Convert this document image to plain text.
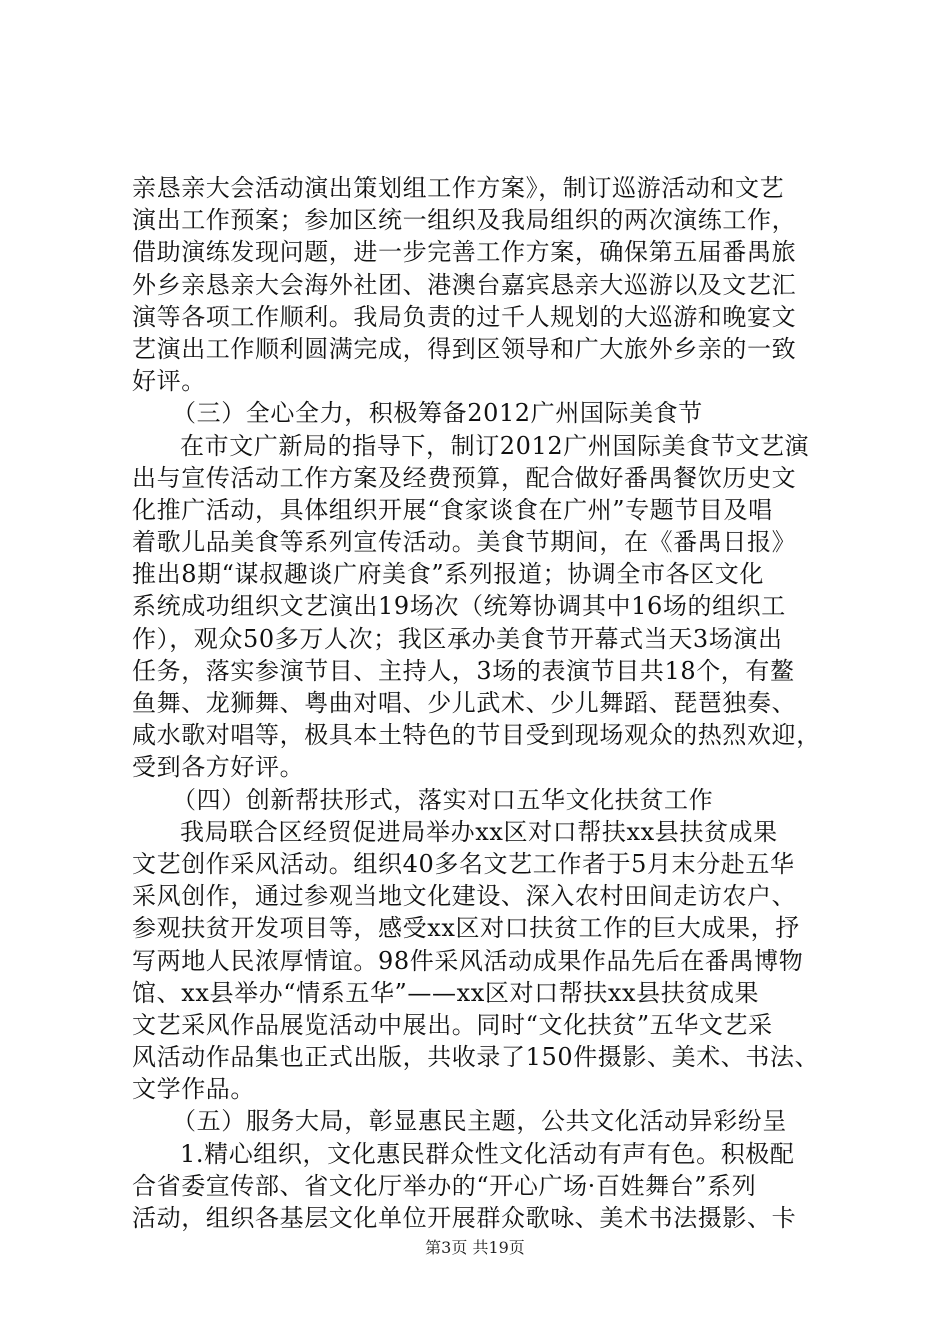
亲恳亲大会活动演出策划组工作方案》，制订巡游活动和文艺
演出工作预案；参加区统一组织及我局组织的两次演练工作，
借助演练发现问题，进一步完善工作方案，确保第五届番禺旅
外乡亲恳亲大会海外社团、港澳台嘉宾恳亲大巡游以及文艺汇
演等各项工作顺利。我局负责的过千人规划的大巡游和晚宴文
艺演出工作顺利圆满完成，得到区领导和广大旅外乡亲的一致
好评。
（三）全心全力，积极筹备2012广州国际美食节
在市文广新局的指导下，制订2012广州国际美食节文艺演
出与宣传活动工作方案及经费预算，配合做好番禺餐饮历史文
化推广活动，具体组织开展“食家谈食在广州”专题节目及唱
着歌儿品美食等系列宣传活动。美食节期间，在《番禺日报》
推出8期“谋叔趣谈广府美食”系列报道；协调全市各区文化
系统成功组织文艺演出19场次（统筹协调其中16场的组织工
作），观众50多万人次；我区承办美食节开幕式当天3场演出
任务，落实参演节目、主持人，3场的表演节目共18个，有鳌
鱼舞、龙狮舞、粤曲对唱、少儿武术、少儿舞蹈、琵琶独奏、
咸水歌对唱等，极具本土特色的节目受到现场观众的热烈欢迎，
受到各方好评。
（四）创新帮扶形式，落实对口五华文化扶贫工作
我局联合区经贸促进局举办xx区对口帮扶xx县扶贫成果
文艺创作采风活动。组织40多名文艺工作者于5月末分赴五华
采风创作，通过参观当地文化建设、深入农村田间走访农户、
参观扶贫开发项目等，感受xx区对口扶贫工作的巨大成果，抒
写两地人民浓厚情谊。98件采风活动成果作品先后在番禺博物
馆、xx县举办“情系五华”——xx区对口帮扶xx县扶贫成果
文艺采风作品展览活动中展出。同时“文化扶贫”五华文艺采
风活动作品集也正式出版，共收录了150件摄影、美术、书法、
文学作品。
（五）服务大局，彰显惠民主题，公共文化活动异彩纷呈
1.精心组织，文化惠民群众性文化活动有声有色。积极配
合省委宣传部、省文化厅举办的“开心广场·百姓舞台”系列
活动，组织各基层文化单位开展群众歌咏、美术书法摄影、卡
第3页 共19页
